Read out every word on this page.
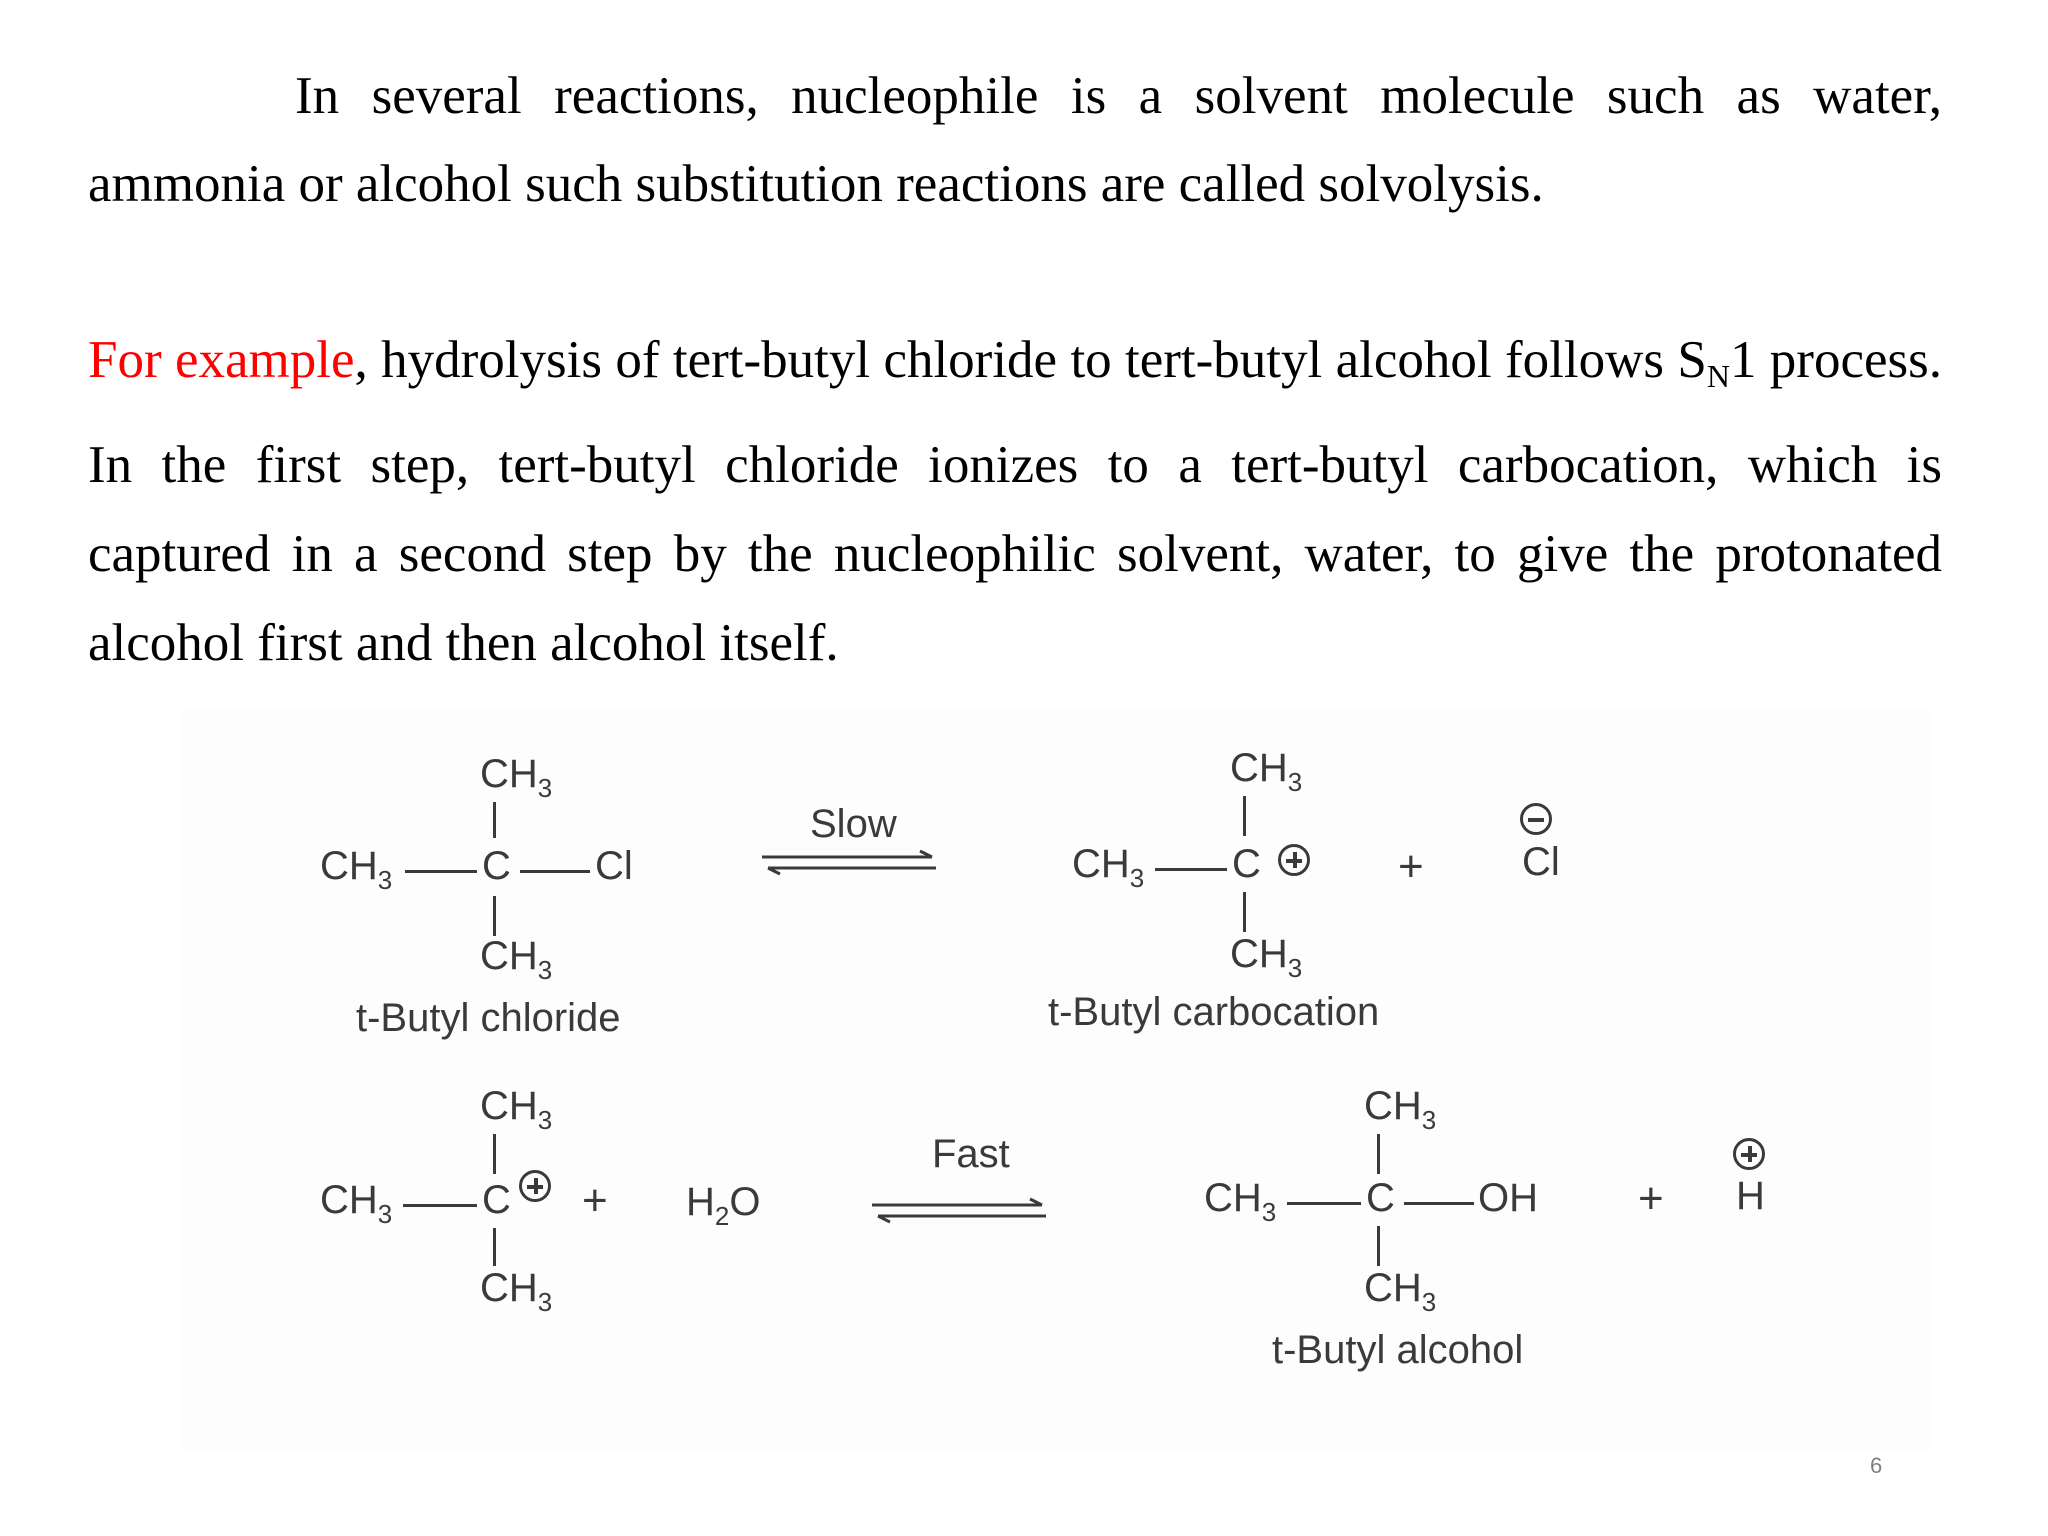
In several reactions, nucleophile is a solvent molecule such as water, ammonia or alcohol such substitution reactions are called solvolysis.

For example, hydrolysis of tert-butyl chloride to tert-butyl alcohol follows $S_N1$ process. In the first step, tert-butyl chloride ionizes to a tert-butyl carbocation, which is captured in a second step by the nucleophilic solvent, water, to give the protonated alcohol first and then alcohol itself.

$CH_3$
$CH_3$ C Cl
$CH_3$
t-Butyl chloride
Slow
$CH_3$
$CH_3$ C
$CH_3$
t-Butyl carbocation
+ Cl
$CH_3$
$CH_3$ C
$CH_3$
+ $H_2O$
Fast
$CH_3$
$CH_3$ C OH
$CH_3$
t-Butyl alcohol
+ H
6
